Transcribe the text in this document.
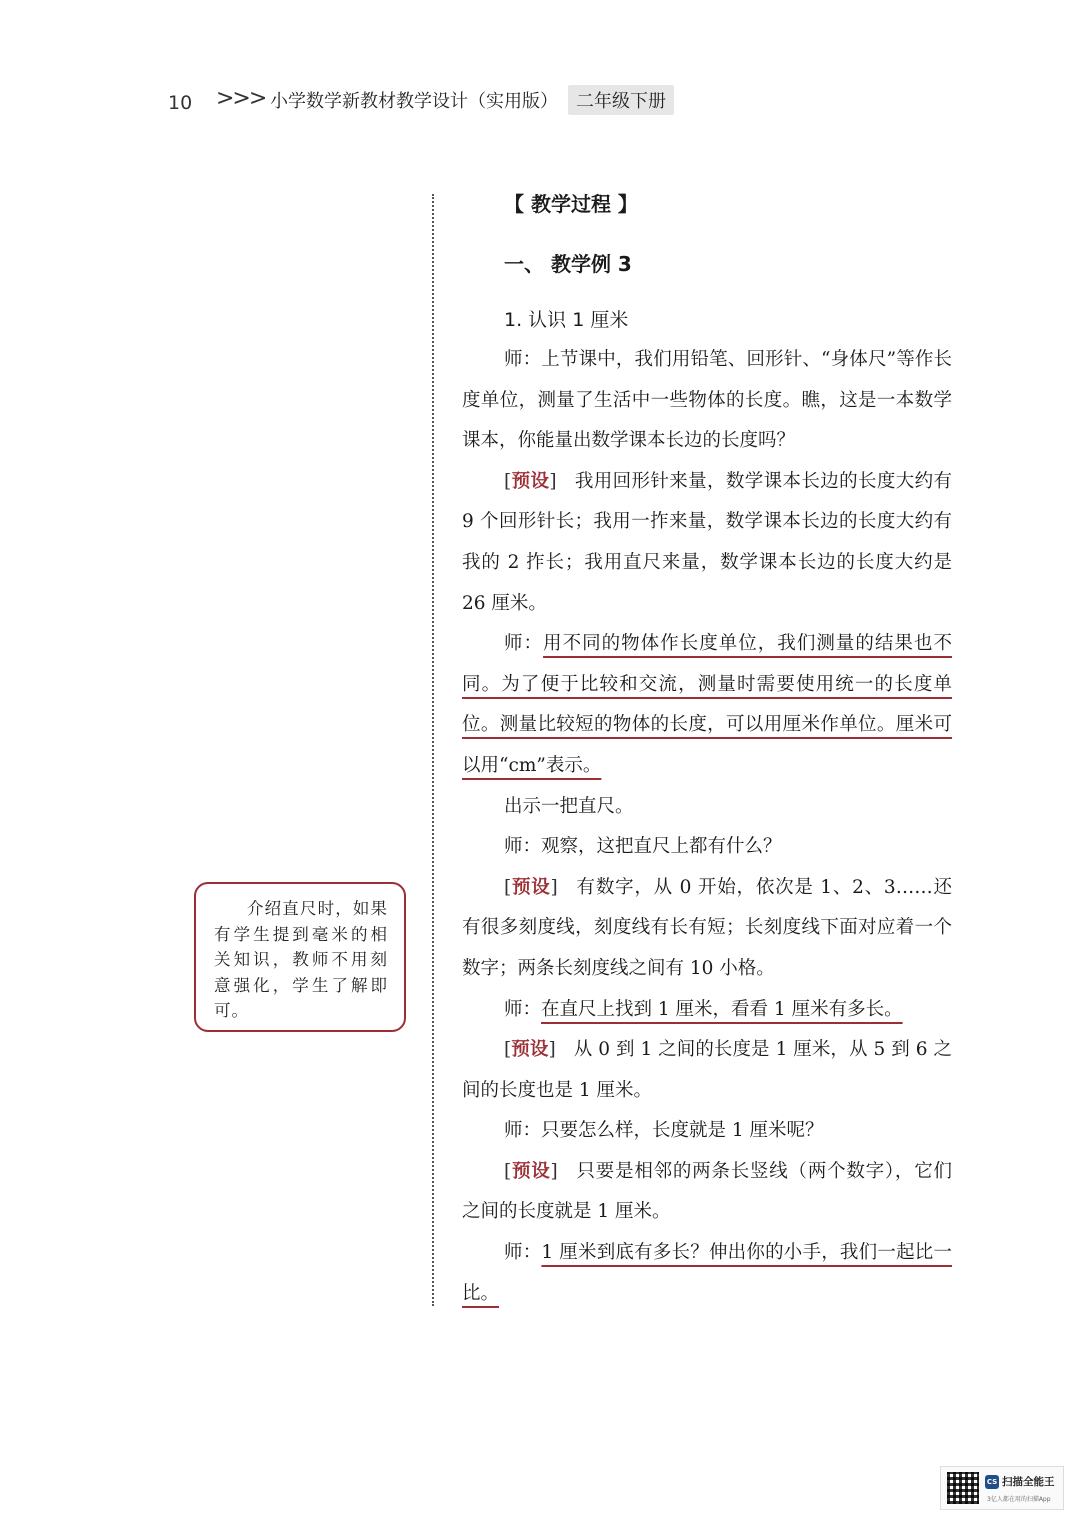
10 >>> 小学数学新教材教学设计（实用版）	二年级下册

介绍直尺时，如果有学生提到毫米的相关知识，教师不用刻意强化，学生了解即可。

【 教学过程 】
一、 教学例 3
1. 认识 1 厘米

师：上节课中，我们用铅笔、回形针、“身体尺”等作长度单位，测量了生活中一些物体的长度。瞧，这是一本数学课本，你能量出数学课本长边的长度吗？

[预设] 我用回形针来量，数学课本长边的长度大约有 9 个回形针长；我用一拃来量，数学课本长边的长度大约有我的 2 拃长；我用直尺来量，数学课本长边的长度大约是 26 厘米。

师：用不同的物体作长度单位，我们测量的结果也不同。为了便于比较和交流，测量时需要使用统一的长度单位。测量比较短的物体的长度，可以用厘米作单位。厘米可以用“cm”表示。

出示一把直尺。

师：观察，这把直尺上都有什么？

[预设] 有数字，从 0 开始，依次是 1、2、3……还有很多刻度线，刻度线有长有短；长刻度线下面对应着一个数字；两条长刻度线之间有 10 小格。

师：在直尺上找到 1 厘米，看看 1 厘米有多长。

[预设] 从 0 到 1 之间的长度是 1 厘米，从 5 到 6 之间的长度也是 1 厘米。

师：只要怎么样，长度就是 1 厘米呢？

[预设] 只要是相邻的两条长竖线（两个数字），它们之间的长度就是 1 厘米。

师：1 厘米到底有多长？伸出你的小手，我们一起比一比。

CS 扫描全能王
3亿人都在用的扫描App
